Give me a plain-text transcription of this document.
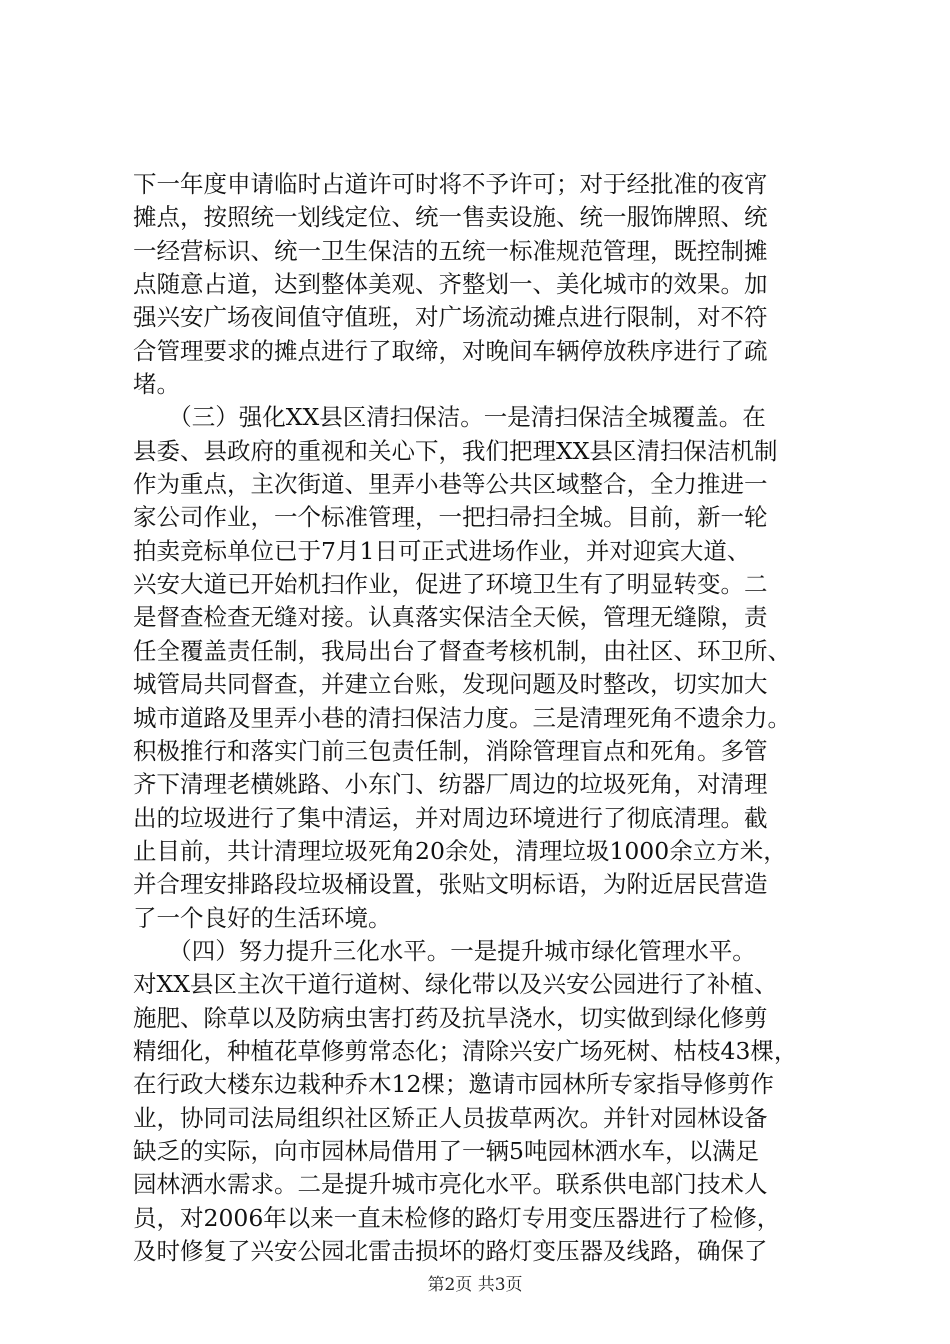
下一年度申请临时占道许可时将不予许可；对于经批准的夜宵
摊点，按照统一划线定位、统一售卖设施、统一服饰牌照、统
一经营标识、统一卫生保洁的五统一标准规范管理，既控制摊
点随意占道，达到整体美观、齐整划一、美化城市的效果。加
强兴安广场夜间值守值班，对广场流动摊点进行限制，对不符
合管理要求的摊点进行了取缔，对晚间车辆停放秩序进行了疏
堵。
　　（三）强化XX县区清扫保洁。一是清扫保洁全城覆盖。在
县委、县政府的重视和关心下，我们把理XX县区清扫保洁机制
作为重点，主次街道、里弄小巷等公共区域整合，全力推进一
家公司作业，一个标准管理，一把扫帚扫全城。目前，新一轮
拍卖竞标单位已于7月1日可正式进场作业，并对迎宾大道、
兴安大道已开始机扫作业，促进了环境卫生有了明显转变。二
是督查检查无缝对接。认真落实保洁全天候，管理无缝隙，责
任全覆盖责任制，我局出台了督查考核机制，由社区、环卫所、
城管局共同督查，并建立台账，发现问题及时整改，切实加大
城市道路及里弄小巷的清扫保洁力度。三是清理死角不遗余力。
积极推行和落实门前三包责任制，消除管理盲点和死角。多管
齐下清理老横姚路、小东门、纺器厂周边的垃圾死角，对清理
出的垃圾进行了集中清运，并对周边环境进行了彻底清理。截
止目前，共计清理垃圾死角20余处，清理垃圾1000余立方米，
并合理安排路段垃圾桶设置，张贴文明标语，为附近居民营造
了一个良好的生活环境。
　　（四）努力提升三化水平。一是提升城市绿化管理水平。
对XX县区主次干道行道树、绿化带以及兴安公园进行了补植、
施肥、除草以及防病虫害打药及抗旱浇水，切实做到绿化修剪
精细化，种植花草修剪常态化；清除兴安广场死树、枯枝43棵，
在行政大楼东边栽种乔木12棵；邀请市园林所专家指导修剪作
业，协同司法局组织社区矫正人员拔草两次。并针对园林设备
缺乏的实际，向市园林局借用了一辆5吨园林洒水车，以满足
园林洒水需求。二是提升城市亮化水平。联系供电部门技术人
员，对2006年以来一直未检修的路灯专用变压器进行了检修，
及时修复了兴安公园北雷击损坏的路灯变压器及线路，确保了
第2页 共3页
